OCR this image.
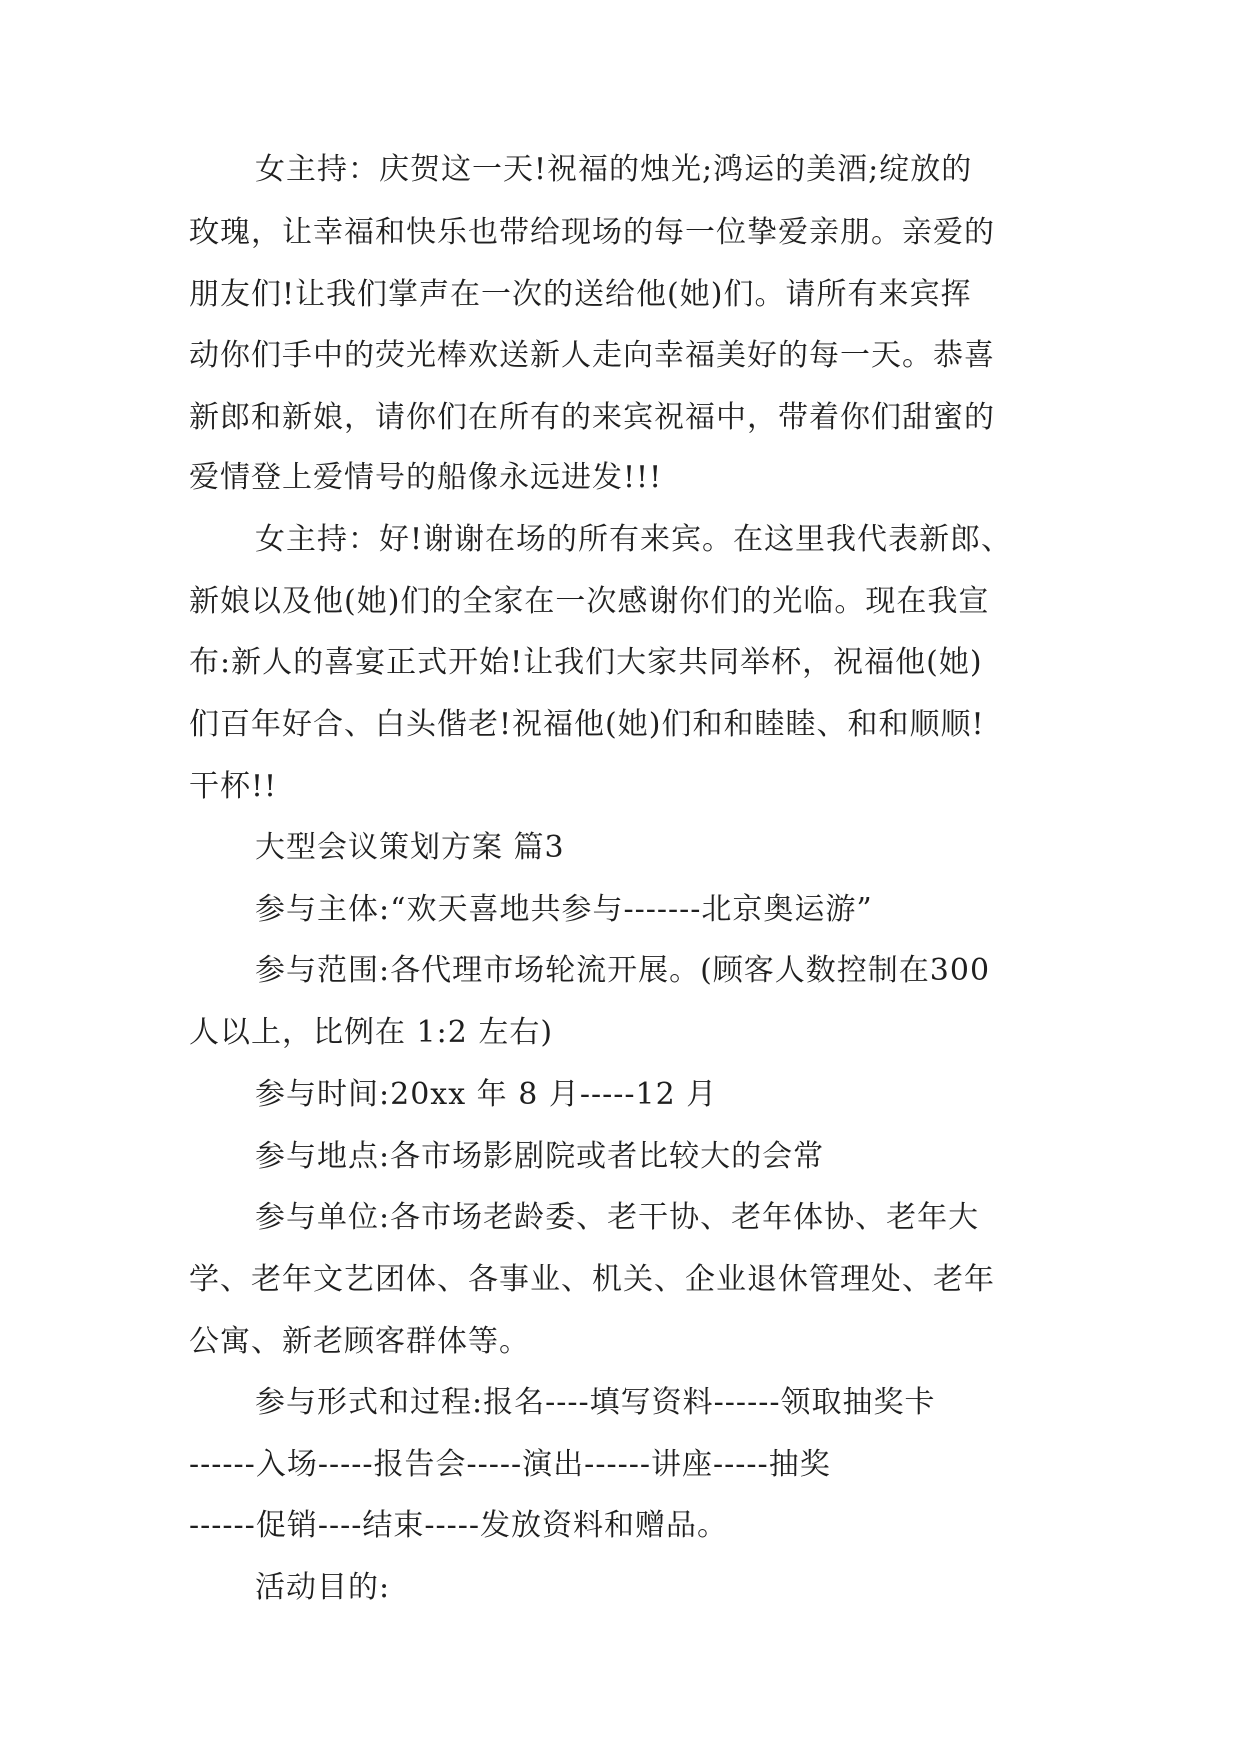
女主持：庆贺这一天!祝福的烛光;鸿运的美酒;绽放的
玫瑰，让幸福和快乐也带给现场的每一位挚爱亲朋。亲爱的
朋友们!让我们掌声在一次的送给他(她)们。请所有来宾挥
动你们手中的荧光棒欢送新人走向幸福美好的每一天。恭喜
新郎和新娘，请你们在所有的来宾祝福中，带着你们甜蜜的
爱情登上爱情号的船像永远进发!!!
女主持：好!谢谢在场的所有来宾。在这里我代表新郎、
新娘以及他(她)们的全家在一次感谢你们的光临。现在我宣
布:新人的喜宴正式开始!让我们大家共同举杯，祝福他(她)
们百年好合、白头偕老!祝福他(她)们和和睦睦、和和顺顺!
干杯!!
大型会议策划方案 篇3
参与主体:“欢天喜地共参与-------北京奥运游”
参与范围:各代理市场轮流开展。(顾客人数控制在300
人以上，比例在 1:2 左右)
参与时间:20xx 年 8 月-----12 月
参与地点:各市场影剧院或者比较大的会常
参与单位:各市场老龄委、老干协、老年体协、老年大
学、老年文艺团体、各事业、机关、企业退休管理处、老年
公寓、新老顾客群体等。
参与形式和过程:报名----填写资料------领取抽奖卡
------入场-----报告会-----演出------讲座-----抽奖
------促销----结束-----发放资料和赠品。
活动目的:
